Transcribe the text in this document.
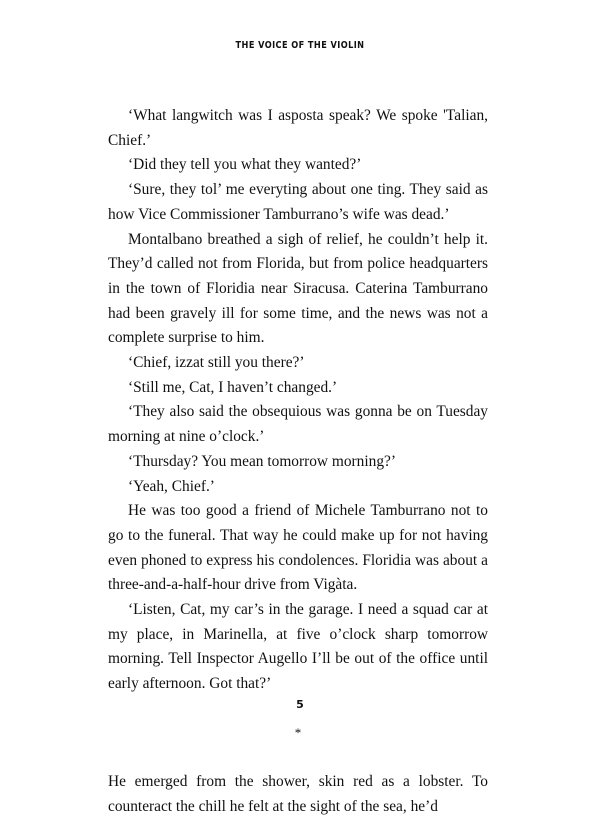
THE VOICE OF THE VIOLIN

‘What langwitch was I asposta speak? We spoke 'Talian, Chief.’

‘Did they tell you what they wanted?’

‘Sure, they tol’ me everyting about one ting. They said as how Vice Commissioner Tamburrano’s wife was dead.’

Montalbano breathed a sigh of relief, he couldn’t help it. They’d called not from Florida, but from police headquarters in the town of Floridia near Siracusa. Caterina Tamburrano had been gravely ill for some time, and the news was not a complete surprise to him.

‘Chief, izzat still you there?’

‘Still me, Cat, I haven’t changed.’

‘They also said the obsequious was gonna be on Tuesday morning at nine o’clock.’

‘Thursday? You mean tomorrow morning?’

‘Yeah, Chief.’

He was too good a friend of Michele Tamburrano not to go to the funeral. That way he could make up for not having even phoned to express his condolences. Floridia was about a three-and-a-half-hour drive from Vigàta.

‘Listen, Cat, my car’s in the garage. I need a squad car at my place, in Marinella, at five o’clock sharp tomorrow morning. Tell Inspector Augello I’ll be out of the office until early afternoon. Got that?’

*

He emerged from the shower, skin red as a lobster. To counteract the chill he felt at the sight of the sea, he’d

5
